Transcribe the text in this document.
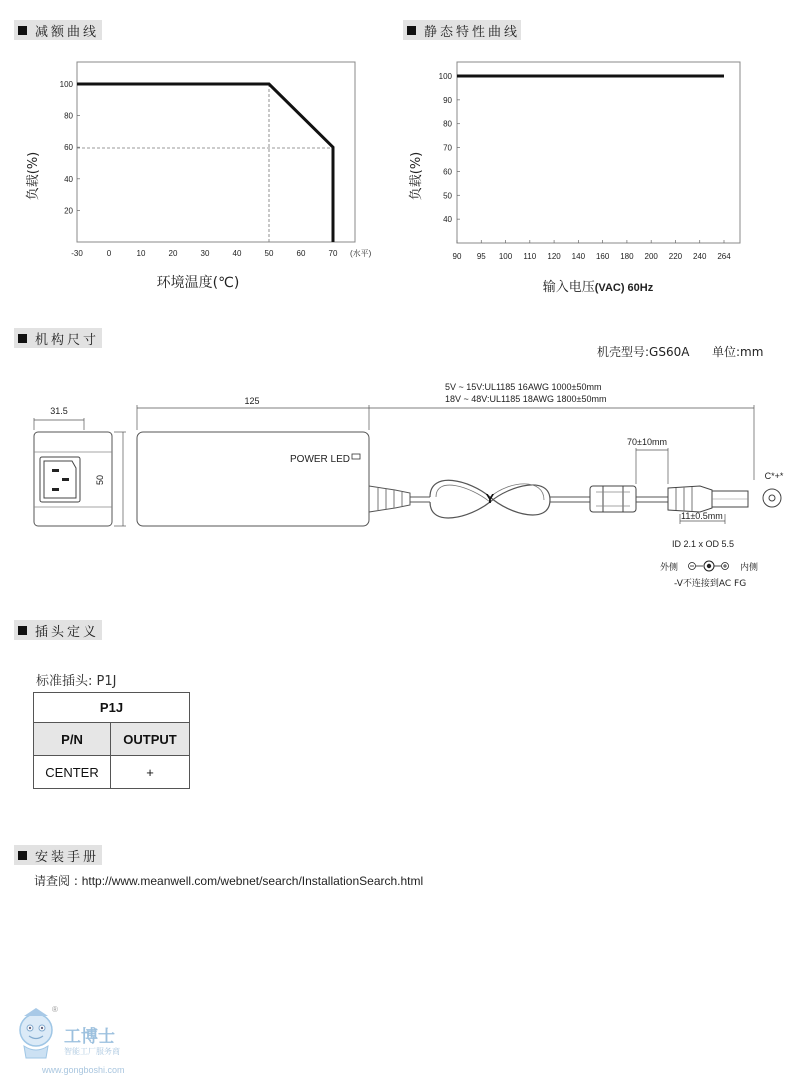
减额曲线	静态特性曲线
机构尺寸
插头定义
安装手册
-30	0	10	20	30	40	50	60	70
20
40
60
80
100
(水平)
环境温度(℃)
负载(%)
90 95 100 110 120 140 160 180 200 220 240 264
40
50
60
70
80
90
100
输入电压(VAC) 60Hz
负载(%)
机壳型号:GS60A 单位:mm
31.5
50
125
POWER LED
Y
70±10mm
11±0.5mm
C*+*
5V ~ 15V:UL1185 16AWG 1000±50mm
18V ~ 48V:UL1185 18AWG 1800±50mm
ID 2.1 x OD 5.5
外侧	内侧
-V不连接到AC FG
标准插头: P1J
P1J	
P/N	OUTPUT
CENTER	+
请查阅 : http://www.meanwell.com/webnet/search/InstallationSearch.html
®
工博士
智能工厂服务商
www.gongboshi.com
